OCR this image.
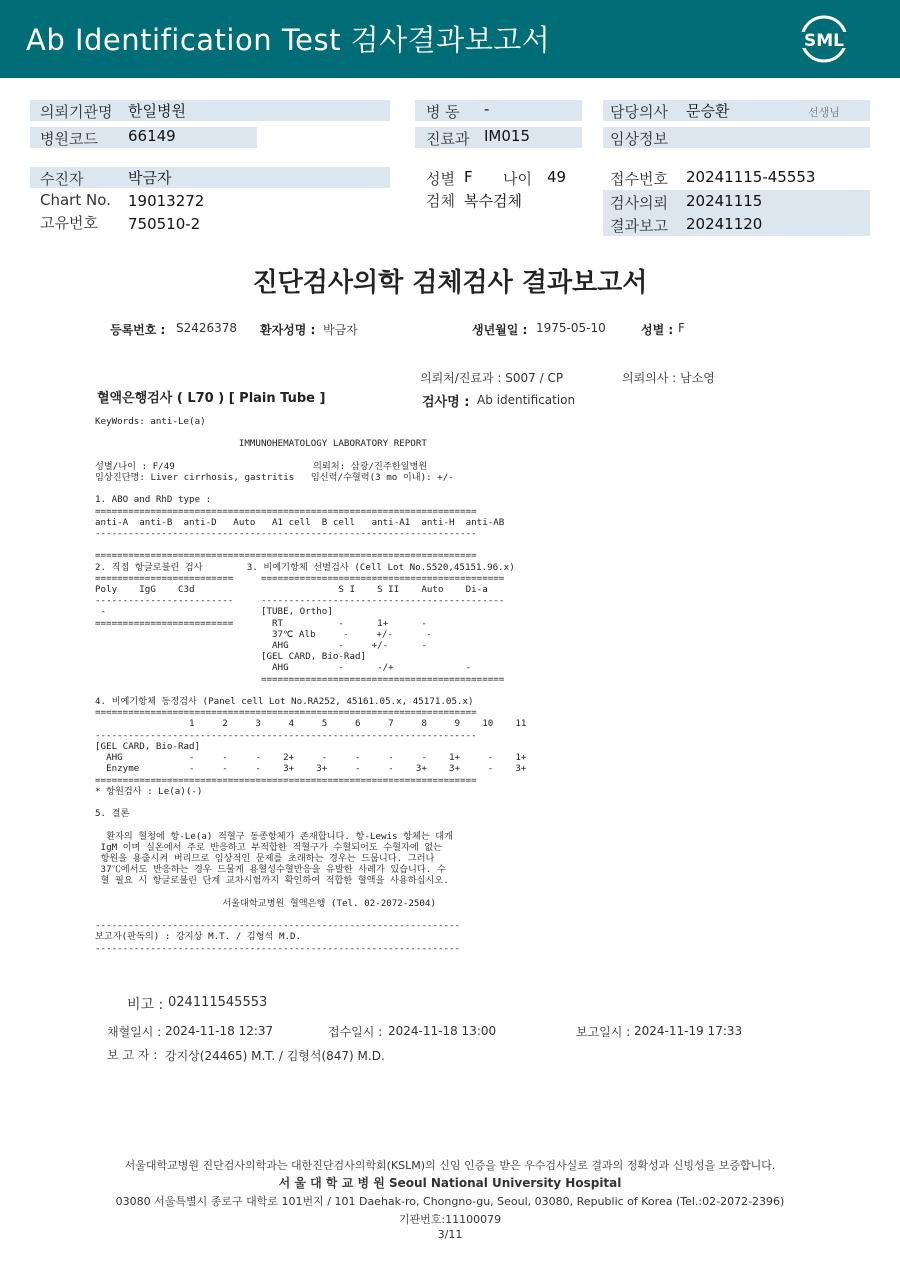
Ab Identification Test 검사결과보고서	SML
의뢰기관명 한일병원	병 동 -	담당의사 문승환	선생님
병원코드 66149	진료과 IM015	임상정보
수진자	박금자
Chart No. 19013272
고유번호 750510-2
성별 F 나이 49
검체 복수검체
접수번호 20241115-45553
검사의뢰 20241115
결과보고 20241120
진단검사의학 검체검사 결과보고서
등록번호 : S2426378 환자성명 : 박금자	생년월일 : 1975-05-10	성별 : F
의뢰처/진료과 : S007 / CP	의뢰의사 : 남소영
혈액은행검사 ( L70 ) [ Plain Tube ]	검사명 : Ab identification
KeyWords: anti-Le(a)

IMMUNOHEMATOLOGY LABORATORY REPORT

성별/나이 : F/49                         의뢰처: 삼광/진주한일병원
임상진단명: Liver cirrhosis, gastritis   임신력/수혈력(3 mo 이내): +/-

1. ABO and RhD type :
=====================================================================
anti-A  anti-B  anti-D   Auto   A1 cell  B cell   anti-A1  anti-H  anti-AB
---------------------------------------------------------------------

=====================================================================
2. 직접 항글로불린 검사        3. 비예기항체 선별검사 (Cell Lot No.S520,45151.96.x)
=========================     ============================================
Poly    IgG    C3d                          S I    S II    Auto    Di-a
-------------------------     --------------------------------------------
-                            [TUBE, Ortho]
=========================       RT          -      1+      -
37℃ Alb     -     +/-      -
AHG         -     +/-      -
[GEL CARD, Bio-Rad]
AHG         -      -/+             -
============================================

4. 비예기항체 동정검사 (Panel cell Lot No.RA252, 45161.05.x, 45171.05.x)
=====================================================================
1     2     3     4     5     6     7     8     9    10    11
---------------------------------------------------------------------
[GEL CARD, Bio-Rad]
AHG            -     -     -    2+     -     -     -     -    1+     -    1+
Enzyme         -     -     -    3+    3+     -     -    3+    3+     -    3+
=====================================================================
* 항원검사 : Le(a)(-)

5. 결론

환자의 혈청에 항-Le(a) 적혈구 동종항체가 존재합니다. 항-Lewis 항체는 대개
IgM 이며 실온에서 주로 반응하고 부적합한 적혈구가 수혈되어도 수혈자에 없는
항원을 용출시켜 버리므로 임상적인 문제를 초래하는 경우는 드뭅니다. 그러나
37℃에서도 반응하는 경우 드물게 용혈성수혈반응을 유발한 사례가 있습니다. 수
혈 필요 시 항글로불린 단계 교차시험까지 확인하여 적합한 혈액을 사용하십시오.

서울대학교병원 혈액은행 (Tel. 02-2072-2504)

------------------------------------------------------------------
보고자(판독의) : 강지상 M.T. / 김형석 M.D.
------------------------------------------------------------------
비고 : 024111545553
채혈일시 : 2024-11-18 12:37	접수일시 : 2024-11-18 13:00	보고일시 : 2024-11-19 17:33
보 고 자 : 강지상(24465) M.T. / 김형석(847) M.D.
서울대학교병원 진단검사의학과는 대한진단검사의학회(KSLM)의 신임 인증을 받은 우수검사실로 결과의 정확성과 신빙성을 보증합니다.
서 울 대 학 교 병 원 Seoul National University Hospital
03080 서울특별시 종로구 대학로 101번지 / 101 Daehak-ro, Chongno-gu, Seoul, 03080, Republic of Korea (Tel.:02-2072-2396)
기관번호:11100079
3/11
